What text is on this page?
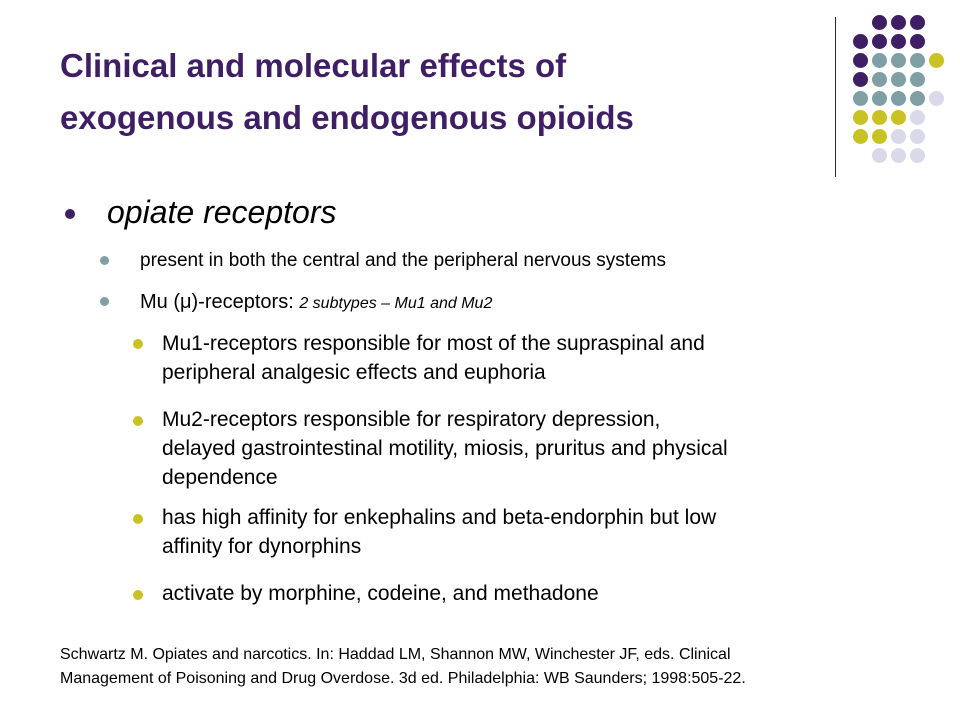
Clinical and molecular effects of
exogenous and endogenous opioids
opiate receptors
present in both the central and the peripheral nervous systems
Mu (μ)-receptors: 2 subtypes – Mu1 and Mu2
Mu1-receptors responsible for most of the supraspinal and
peripheral analgesic effects and euphoria
Mu2-receptors responsible for respiratory depression,
delayed gastrointestinal motility, miosis, pruritus and physical
dependence
has high affinity for enkephalins and beta-endorphin but low
affinity for dynorphins
activate by morphine, codeine, and methadone
Schwartz M. Opiates and narcotics. In: Haddad LM, Shannon MW, Winchester JF, eds. Clinical
Management of Poisoning and Drug Overdose. 3d ed. Philadelphia: WB Saunders; 1998:505-22.
